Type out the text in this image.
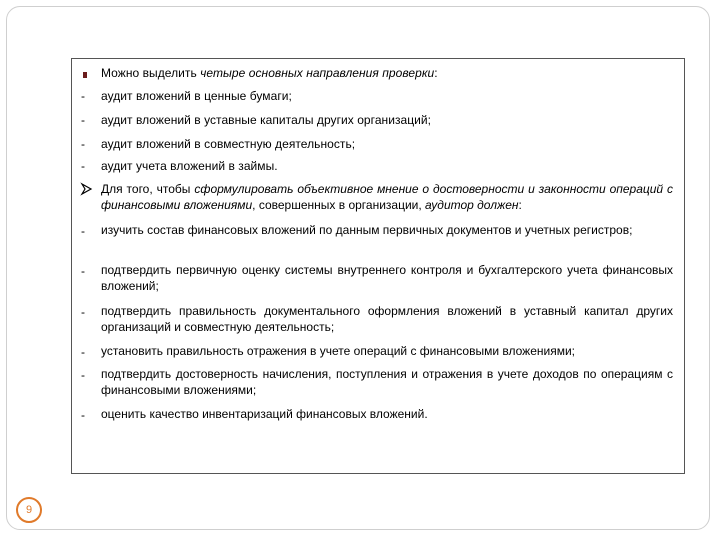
Можно выделить четыре основных направления проверки:
- аудит вложений в ценные бумаги;
- аудит вложений в уставные капиталы других организаций;
- аудит вложений в совместную деятельность;
- аудит учета вложений в займы.
Для того, чтобы сформулировать объективное мнение о достоверности и законности операций с финансовыми вложениями, совершенных в организации, аудитор должен:
- изучить состав финансовых вложений по данным первичных документов и учетных регистров;
- подтвердить первичную оценку системы внутреннего контроля и бухгалтерского учета финансовых вложений;
- подтвердить правильность документального оформления вложений в уставный капитал других организаций и совместную деятельность;
- установить правильность отражения в учете операций с финансовыми вложениями;
- подтвердить достоверность начисления, поступления и отражения в учете доходов по операциям с финансовыми вложениями;
- оценить качество инвентаризаций финансовых вложений.
9
